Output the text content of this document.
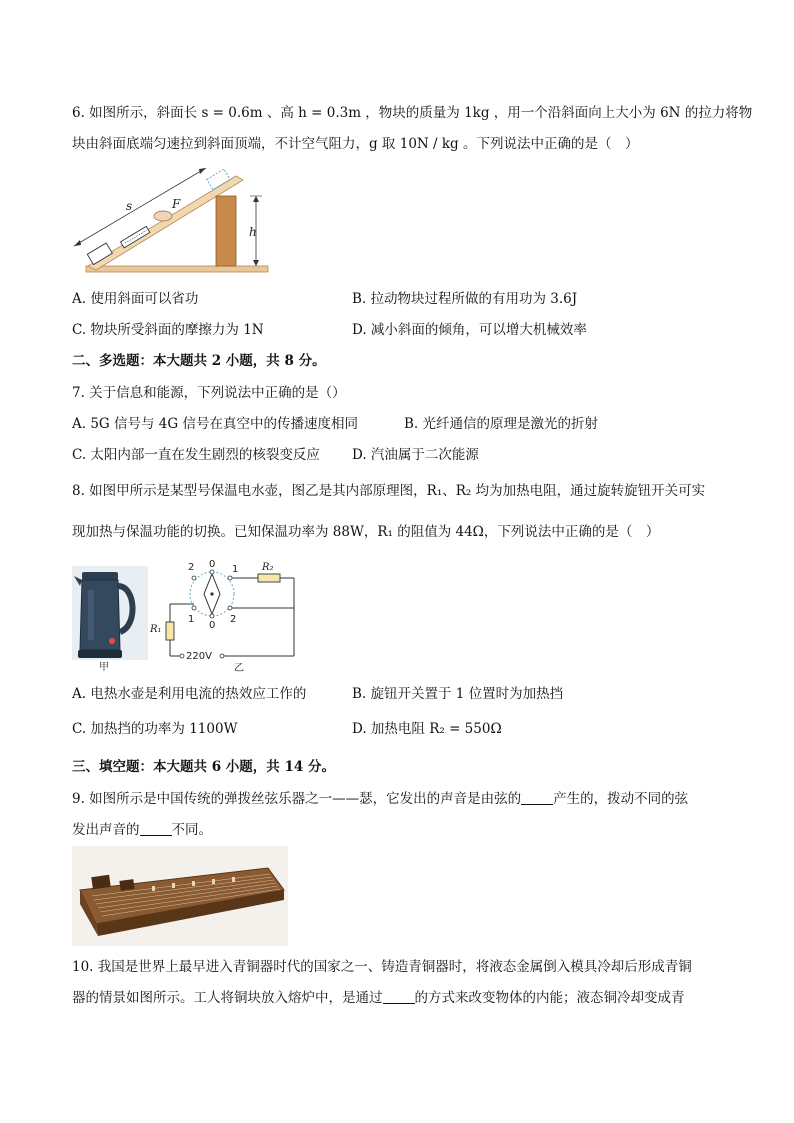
6. 如图所示，斜面长 s = 0.6m 、高 h = 0.3m ，物块的质量为 1kg ，用一个沿斜面向上大小为 6N 的拉力将物
块由斜面底端匀速拉到斜面顶端，不计空气阻力，g 取 10N / kg 。下列说法中正确的是（　）
s	F
h
A. 使用斜面可以省功	B. 拉动物块过程所做的有用功为 3.6J
C. 物块所受斜面的摩擦力为 1N	D. 减小斜面的倾角，可以增大机械效率
二、多选题：本大题共 2 小题，共 8 分。
7. 关于信息和能源，下列说法中正确的是（）
A. 5G 信号与 4G 信号在真空中的传播速度相同	B. 光纤通信的原理是激光的折射
C. 太阳内部一直在发生剧烈的核裂变反应 D. 汽油属于二次能源
8. 如图甲所示是某型号保温电水壶，图乙是其内部原理图，R₁、R₂ 均为加热电阻，通过旋转旋钮开关可实
现加热与保温功能的切换。已知保温功率为 88W，R₁ 的阻值为 44Ω，下列说法中正确的是（　）
甲
R₁
2 0 1
1
0
2
R₂
220V
乙
A. 电热水壶是利用电流的热效应工作的	B. 旋钮开关置于 1 位置时为加热挡
C. 加热挡的功率为 1100W	D. 加热电阻 R₂ = 550Ω
三、填空题：本大题共 6 小题，共 14 分。
9. 如图所示是中国传统的弹拨丝弦乐器之一——瑟，它发出的声音是由弦的 产生的，拨动不同的弦
发出声音的 不同。
10. 我国是世界上最早进入青铜器时代的国家之一、铸造青铜器时，将液态金属倒入模具冷却后形成青铜
器的情景如图所示。工人将铜块放入熔炉中，是通过 的方式来改变物体的内能；液态铜冷却变成青
